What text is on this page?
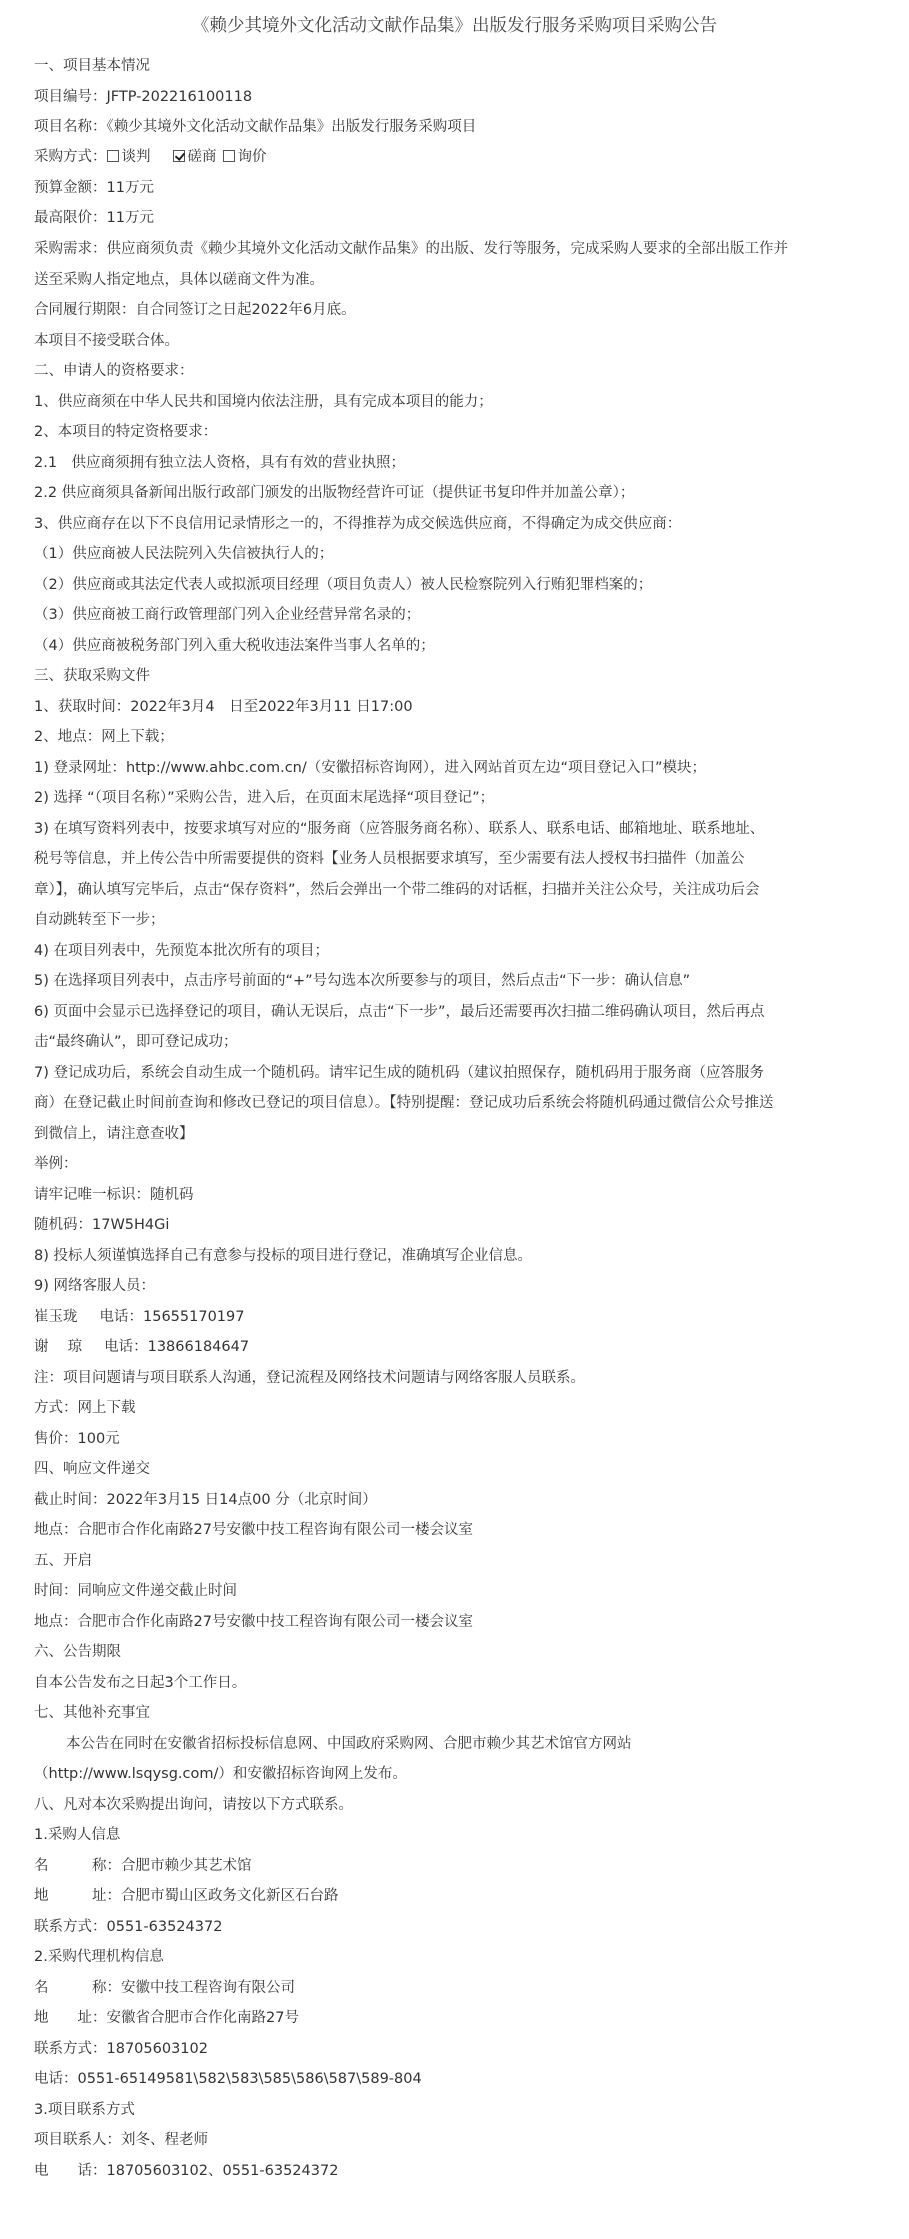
《赖少其境外文化活动文献作品集》出版发行服务采购项目采购公告
一、项目基本情况
项目编号：JFTP-202216100118
项目名称：《赖少其境外文化活动文献作品集》出版发行服务采购项目
采购方式： 谈判	磋商 询价
预算金额：11万元
最高限价：11万元
采购需求：供应商须负责《赖少其境外文化活动文献作品集》的出版、发行等服务，完成采购人要求的全部出版工作并
送至采购人指定地点，具体以磋商文件为准。
合同履行期限：自合同签订之日起2022年6月底。
本项目不接受联合体。
二、申请人的资格要求：
1、供应商须在中华人民共和国境内依法注册，具有完成本项目的能力；
2、本项目的特定资格要求：
2.1　供应商须拥有独立法人资格，具有有效的营业执照；
2.2 供应商须具备新闻出版行政部门颁发的出版物经营许可证（提供证书复印件并加盖公章）；
3、供应商存在以下不良信用记录情形之一的，不得推荐为成交候选供应商，不得确定为成交供应商：
（1）供应商被人民法院列入失信被执行人的；
（2）供应商或其法定代表人或拟派项目经理（项目负责人）被人民检察院列入行贿犯罪档案的；
（3）供应商被工商行政管理部门列入企业经营异常名录的；
（4）供应商被税务部门列入重大税收违法案件当事人名单的；
三、获取采购文件
1、获取时间：2022年3月4　日至2022年3月11 日17:00
2、地点：网上下载；
1) 登录网址：http://www.ahbc.com.cn/（安徽招标咨询网），进入网站首页左边“项目登记入口”模块；
2) 选择 “（项目名称）”采购公告，进入后，在页面末尾选择“项目登记”；
3) 在填写资料列表中，按要求填写对应的“服务商（应答服务商名称）、联系人、联系电话、邮箱地址、联系地址、
税号等信息，并上传公告中所需要提供的资料【业务人员根据要求填写，至少需要有法人授权书扫描件（加盖公
章）】，确认填写完毕后，点击“保存资料”，然后会弹出一个带二维码的对话框，扫描并关注公众号，关注成功后会
自动跳转至下一步；
4) 在项目列表中，先预览本批次所有的项目；
5) 在选择项目列表中，点击序号前面的“+”号勾选本次所要参与的项目，然后点击“下一步：确认信息”
6) 页面中会显示已选择登记的项目，确认无误后，点击“下一步”，最后还需要再次扫描二维码确认项目，然后再点
击“最终确认”，即可登记成功；
7) 登记成功后，系统会自动生成一个随机码。请牢记生成的随机码（建议拍照保存，随机码用于服务商（应答服务
商）在登记截止时间前查询和修改已登记的项目信息）。【特别提醒：登记成功后系统会将随机码通过微信公众号推送
到微信上，请注意查收】
举例：
请牢记唯一标识：随机码
随机码：17W5H4Gi
8) 投标人须谨慎选择自己有意参与投标的项目进行登记，准确填写企业信息。
9) 网络客服人员：
崔玉珑 电话：15655170197
谢　 琼 电话：13866184647
注：项目问题请与项目联系人沟通，登记流程及网络技术问题请与网络客服人员联系。
方式：网上下载
售价：100元
四、响应文件递交
截止时间：2022年3月15 日14点00 分（北京时间）
地点：合肥市合作化南路27号安徽中技工程咨询有限公司一楼会议室
五、开启
时间：同响应文件递交截止时间
地点：合肥市合作化南路27号安徽中技工程咨询有限公司一楼会议室
六、公告期限
自本公告发布之日起3个工作日。
七、其他补充事宜
本公告在同时在安徽省招标投标信息网、中国政府采购网、合肥市赖少其艺术馆官方网站
（http://www.lsqysg.com/）和安徽招标咨询网上发布。
八、凡对本次采购提出询问，请按以下方式联系。
1.采购人信息
名　　　称：合肥市赖少其艺术馆
地　　　址：合肥市蜀山区政务文化新区石台路
联系方式：0551-63524372
2.采购代理机构信息
名　　　称：安徽中技工程咨询有限公司
地　　址：安徽省合肥市合作化南路27号
联系方式：18705603102
电话：0551-65149581\582\583\585\586\587\589-804
3.项目联系方式
项目联系人：刘冬、程老师
电　　话：18705603102、0551-63524372
